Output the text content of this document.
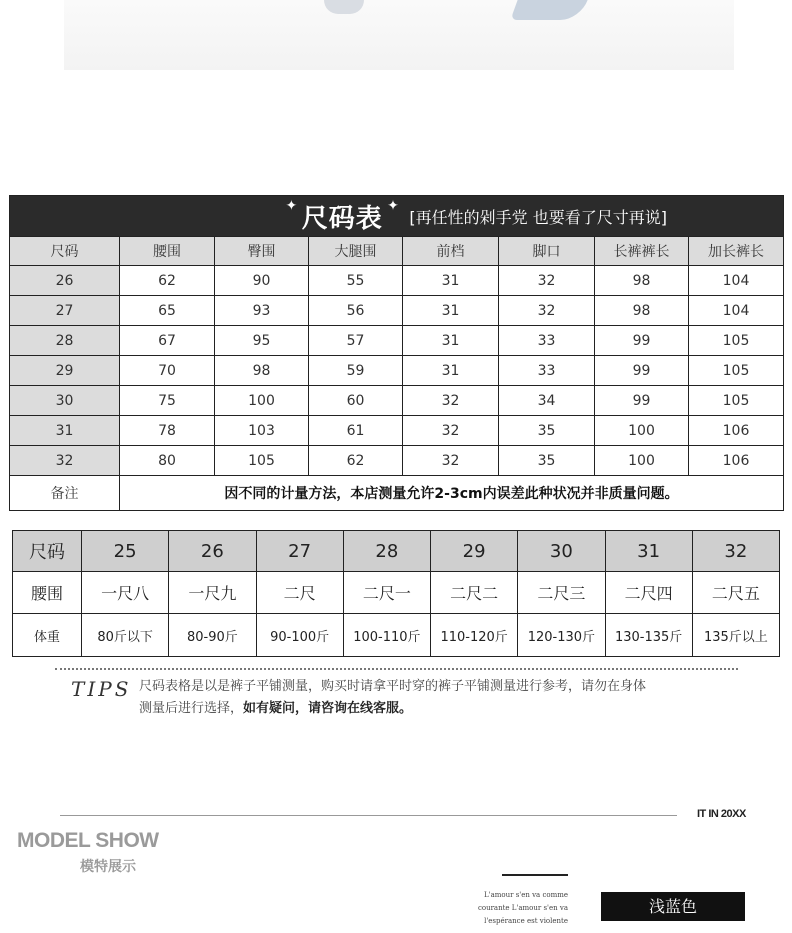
✦ 尺码表 ✦ [再任性的剁手党 也要看了尺寸再说]							
尺码	腰围	臀围	大腿围	前档	脚口	长裤裤长	加长裤长
26	62	90	55	31	32	98	104
27	65	93	56	31	32	98	104
28	67	95	57	31	33	99	105
29	70	98	59	31	33	99	105
30	75	100	60	32	34	99	105
31	78	103	61	32	35	100	106
32	80	105	62	32	35	100	106
备注	因不同的计量方法，本店测量允许2-3cm内误差此种状况并非质量问题。						
尺码	25	26	27	28	29	30	31	32
腰围	一尺八	一尺九	二尺	二尺一	二尺二	二尺三	二尺四	二尺五
体重	80斤以下	80-90斤	90-100斤	100-110斤	110-120斤	120-130斤	130-135斤	135斤以上
TIPS 尺码表格是以是裤子平铺测量，购买时请拿平时穿的裤子平铺测量进行参考，请勿在身体
测量后进行选择，如有疑问，请咨询在线客服。
IT IN 20XX
MODEL SHOW
模特展示
L'amour s'en va comme
courante L'amour s'en va
l'espérance est violente
浅蓝色
